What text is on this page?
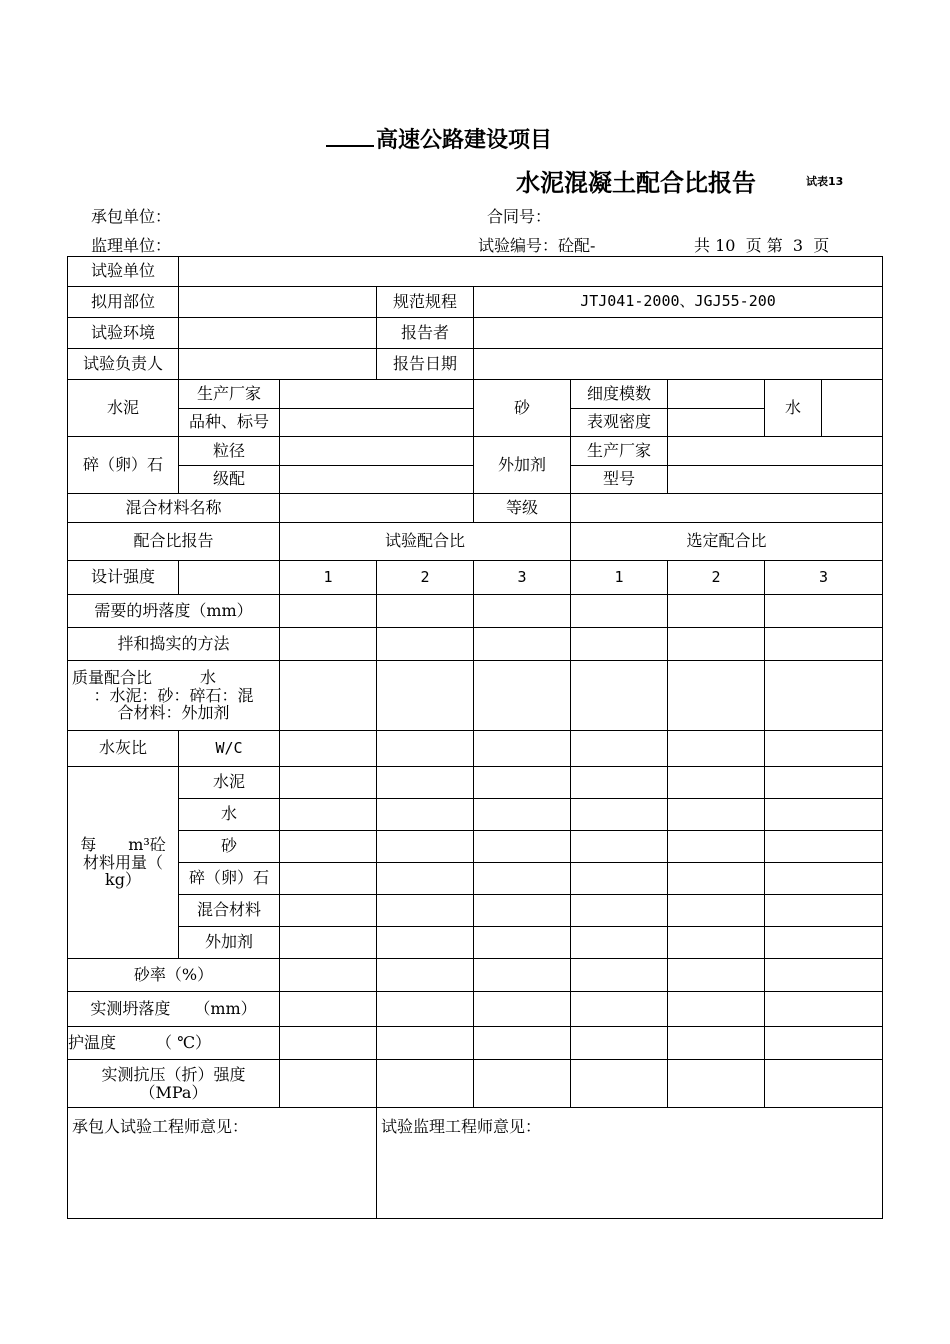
高速公路建设项目
水泥混凝土配合比报告	试表13
承包单位：	合同号：
监理单位：	试验编号：砼配-	共 10  页 第  3  页
试验单位								
拟用部位			规范规程	JTJ041-2000、JGJ55-200				
试验环境			报告者					
试验负责人			报告日期					
水泥	生产厂家			砂	细度模数		水	
	品种、标号				表观密度			
碎（卵）石	粒径			外加剂	生产厂家			
	级配				型号			
混合材料名称				等级				
配合比报告		试验配合比			选定配合比			
设计强度		1	2	3	1	2	3	
需要的坍落度（mm）								
拌和捣实的方法								

质量配合比　　　水
：水泥：砂：碎石：混
合材料：外加剂								

水灰比	W/C							

每　　m³砼
材料用量（
kg）	水泥							
	水							
	砂							
	碎（卵）石							
	混合材料							
	外加剂							
砂率（%）								
实测坍落度　　（mm）								
护温度　　　（ ℃）								

实测抗压（折）强度
（MPa）								

承包人试验工程师意见：			试验监理工程师意见：					
